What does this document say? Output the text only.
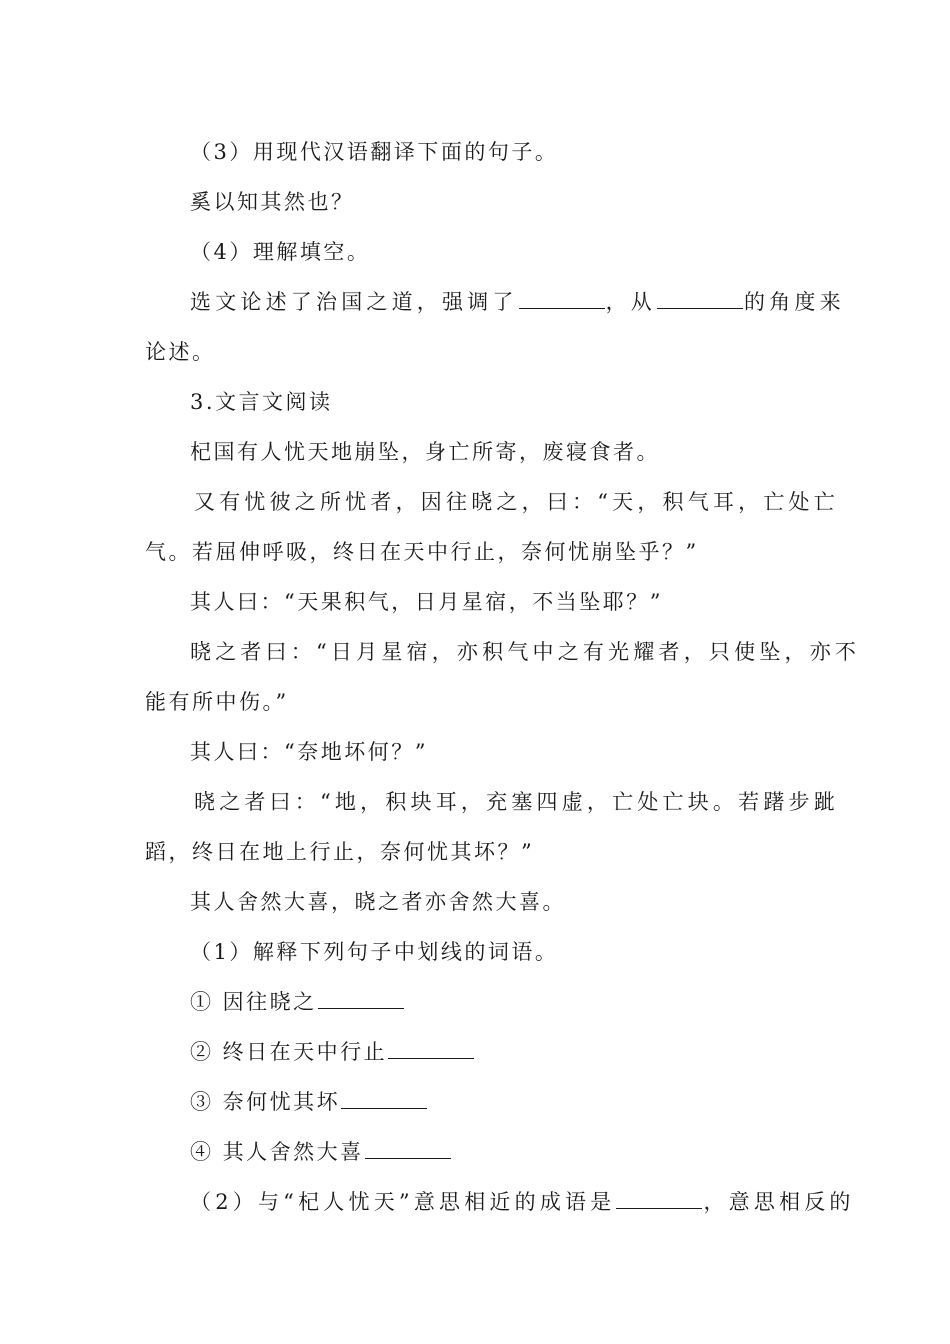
（3）用现代汉语翻译下面的句子。

奚以知其然也？

（4）理解填空。

选文论述了治国之道，强调了	，从	的角度来

论述。

3.文言文阅读

杞国有人忧天地崩坠，身亡所寄，废寝食者。

又有忧彼之所忧者，因往晓之，曰：“天，积气耳，亡处亡

气。若屈伸呼吸，终日在天中行止，奈何忧崩坠乎？”

其人曰：“天果积气，日月星宿，不当坠耶？”

晓之者曰：“日月星宿，亦积气中之有光耀者，只使坠，亦不

能有所中伤。”

其人曰：“奈地坏何？”

晓之者曰：“地，积块耳，充塞四虚，亡处亡块。若躇步跐

蹈，终日在地上行止，奈何忧其坏？”

其人舍然大喜，晓之者亦舍然大喜。

（1）解释下列句子中划线的词语。

① 因往晓之

② 终日在天中行止

③ 奈何忧其坏

④ 其人舍然大喜

（2）与“杞人忧天”意思相近的成语是	，意思相反的
